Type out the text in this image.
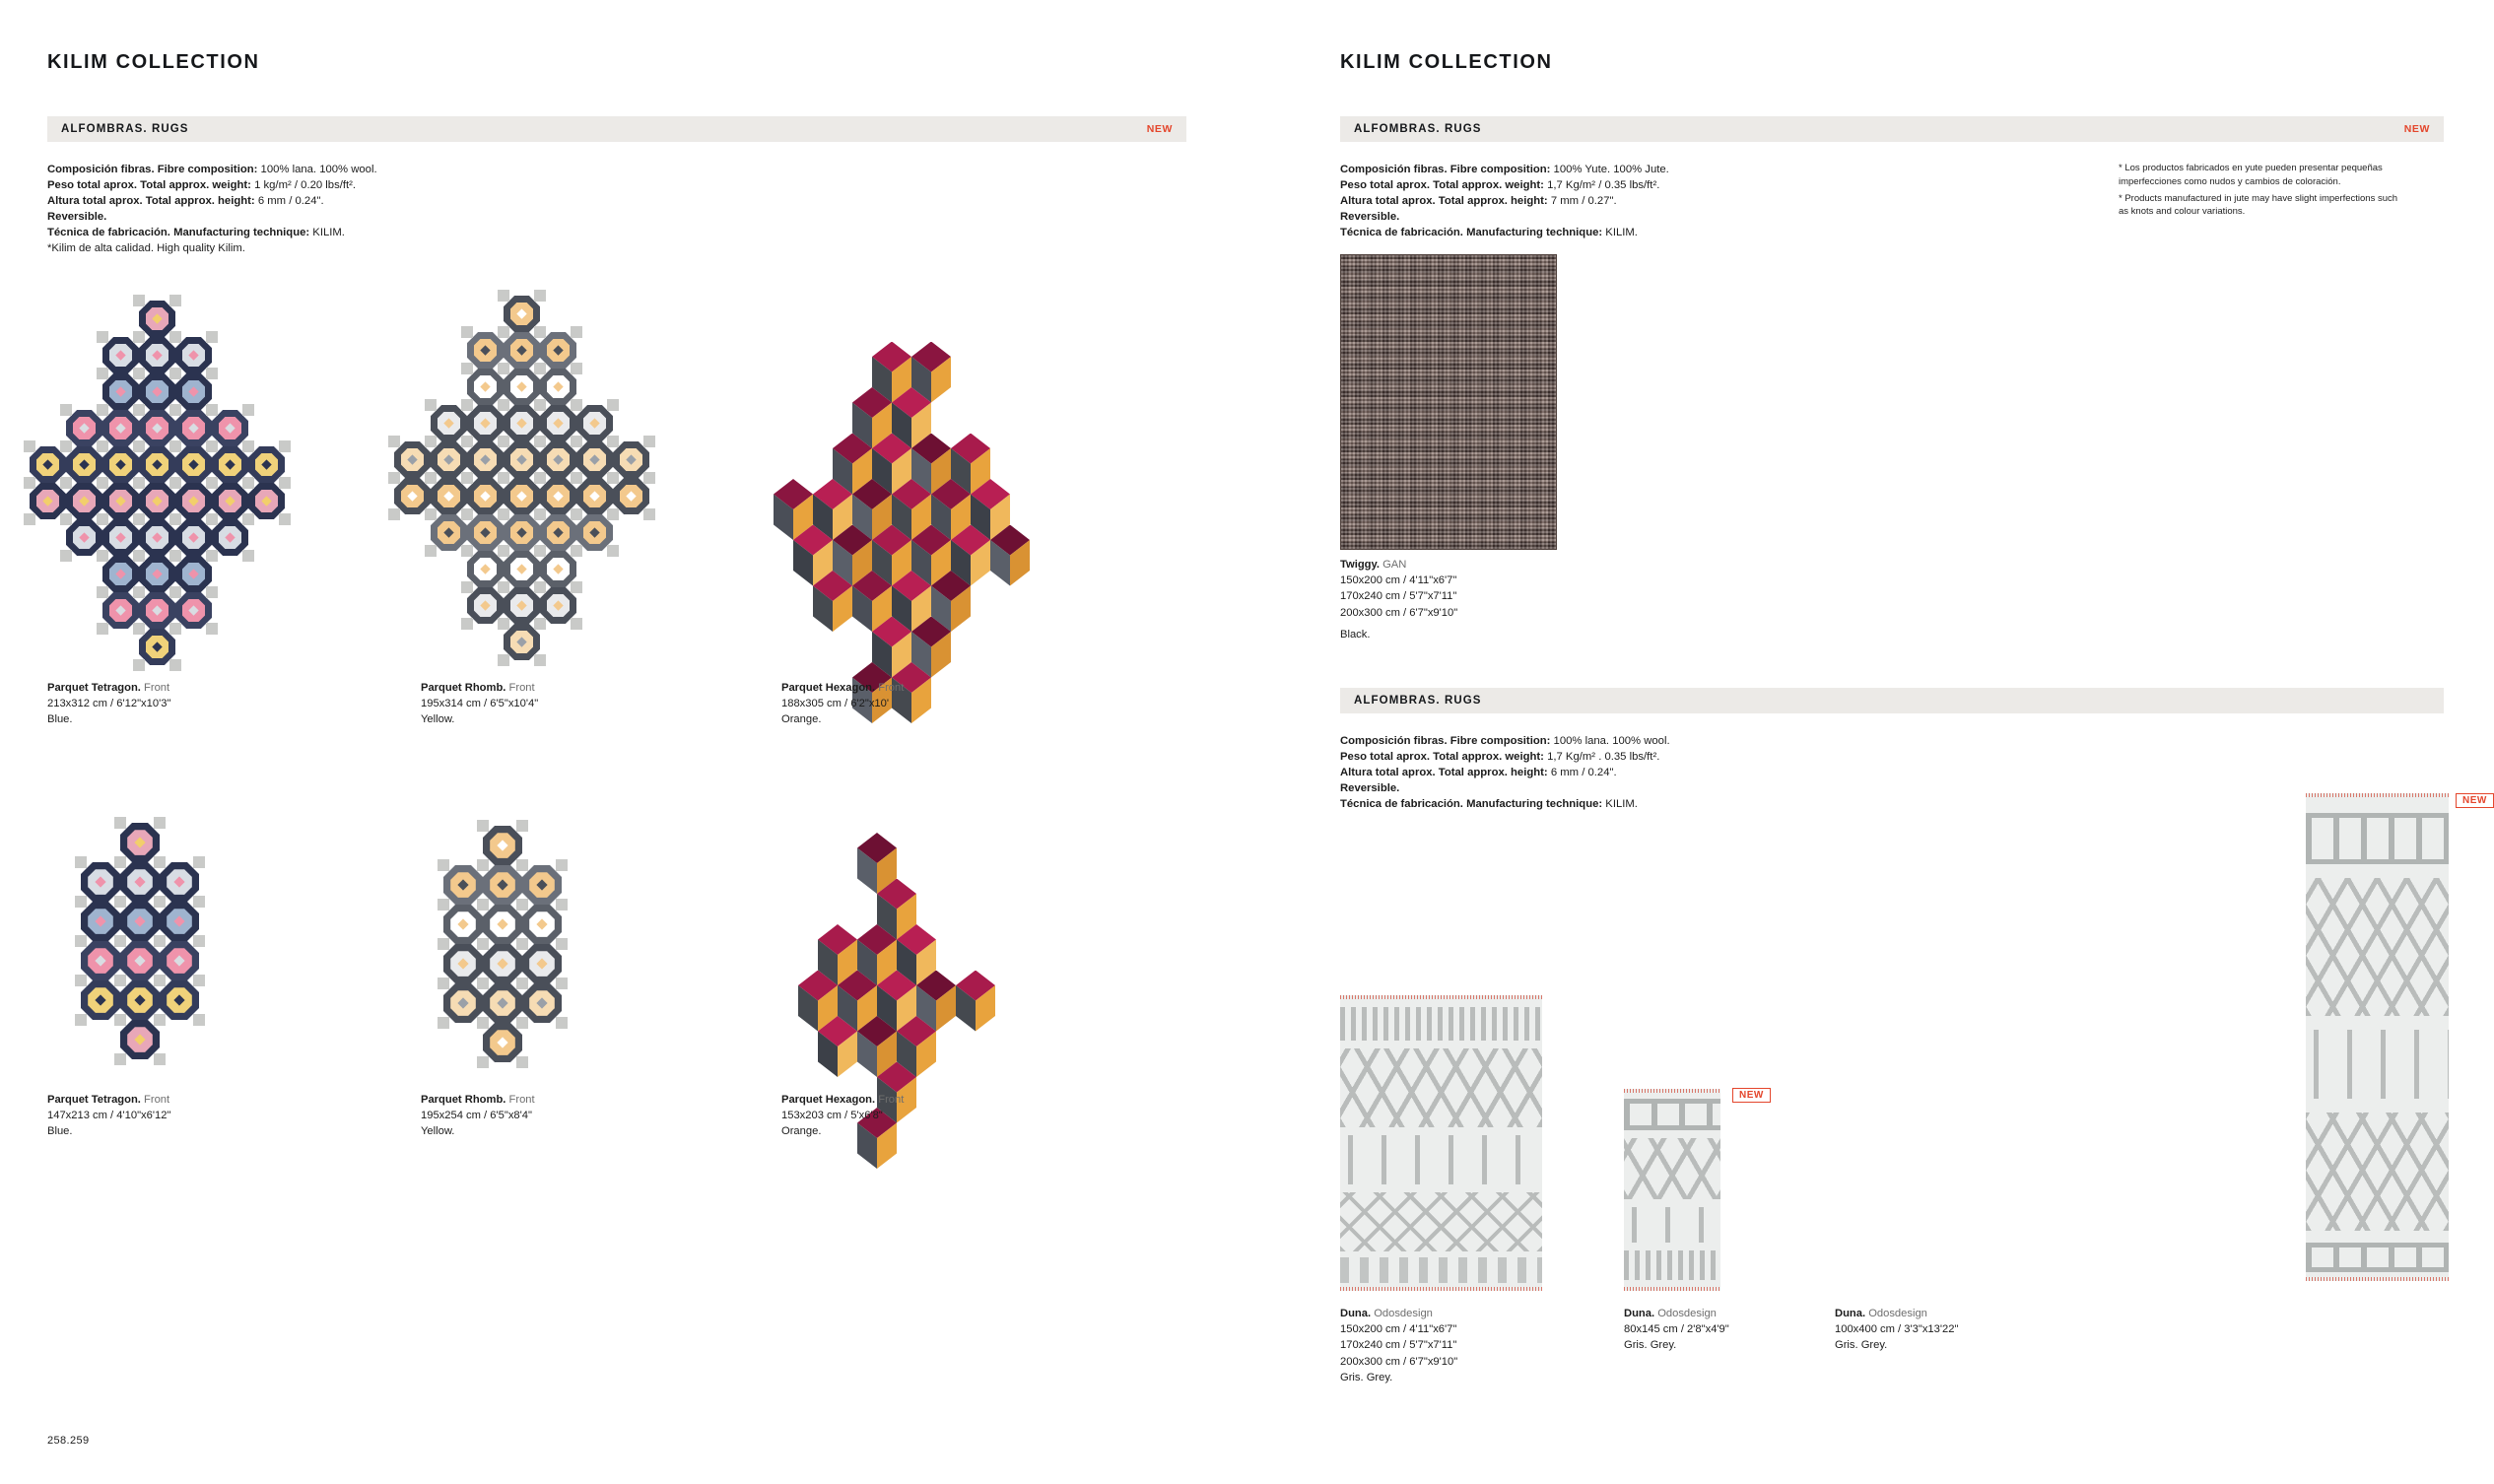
KILIM COLLECTION
ALFOMBRAS. RUGS	NEW
Composición fibras. Fibre composition: 100% lana. 100% wool.
Peso total aprox. Total approx. weight: 1 kg/m² / 0.20 lbs/ft².
Altura total aprox. Total approx. height: 6 mm / 0.24".
Reversible.
Técnica de fabricación. Manufacturing technique: KILIM.
*Kilim de alta calidad. High quality Kilim.
Parquet Tetragon. Front
213x312 cm / 6'12"x10'3"
Blue.
Parquet Rhomb. Front
195x314 cm / 6'5"x10'4"
Yellow.
Parquet Hexagon. Front
188x305 cm / 6'2"x10'
Orange.
Parquet Tetragon. Front
147x213 cm / 4'10"x6'12"
Blue.
Parquet Rhomb. Front
195x254 cm / 6'5"x8'4"
Yellow.
Parquet Hexagon. Front
153x203 cm / 5'x6'8"
Orange.
258.259
KILIM COLLECTION
ALFOMBRAS. RUGS	NEW
Composición fibras. Fibre composition: 100% Yute. 100% Jute.
Peso total aprox. Total approx. weight: 1,7 Kg/m² / 0.35 lbs/ft².
Altura total aprox. Total approx. height: 7 mm / 0.27".
Reversible.
Técnica de fabricación. Manufacturing technique: KILIM.

* Los productos fabricados en yute pueden presentar pequeñas imperfecciones como nudos y cambios de coloración.

* Products manufactured in jute may have slight imperfections such as knots and colour variations.

Twiggy. GAN
150x200 cm / 4'11"x6'7"
170x240 cm / 5'7"x7'11"
200x300 cm / 6'7"x9'10"
Black.
ALFOMBRAS. RUGS
Composición fibras. Fibre composition: 100% lana. 100% wool.
Peso total aprox. Total approx. weight: 1,7 Kg/m² . 0.35 lbs/ft².
Altura total aprox. Total approx. height: 6 mm / 0.24".
Reversible.
Técnica de fabricación. Manufacturing technique: KILIM.	NEW
NEW
Duna. Odosdesign
150x200 cm / 4'11"x6'7"
170x240 cm / 5'7"x7'11"
200x300 cm / 6'7"x9'10"
Gris. Grey.
Duna. Odosdesign
80x145 cm / 2'8"x4'9"
Gris. Grey.
Duna. Odosdesign
100x400 cm / 3'3"x13'22"
Gris. Grey.
